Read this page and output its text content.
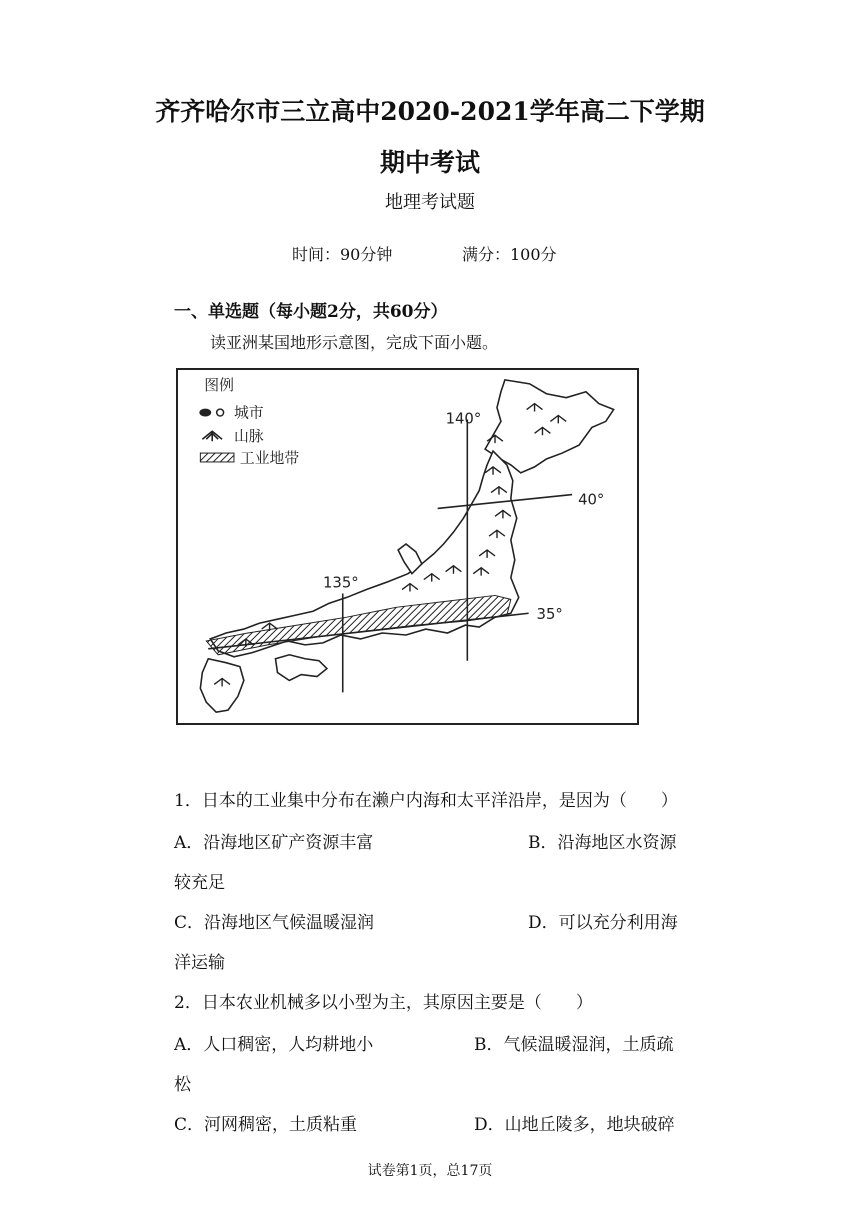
齐齐哈尔市三立高中2020-2021学年高二下学期
期中考试
地理考试题
时间：90分钟	满分：100分
一、单选题（每小题2分，共60分）
读亚洲某国地形示意图，完成下面小题。
图例
城市
山脉
工业地带
140°
135°
40°
35°
1．日本的工业集中分布在濑户内海和太平洋沿岸，是因为（　　）
A．沿海地区矿产资源丰富	B．沿海地区水资源
较充足
C．沿海地区气候温暖湿润	D．可以充分利用海
洋运输
2．日本农业机械多以小型为主，其原因主要是（　　）
A．人口稠密，人均耕地小	B．气候温暖湿润，土质疏
松
C．河网稠密，土质粘重	D．山地丘陵多，地块破碎
试卷第1页，总17页
